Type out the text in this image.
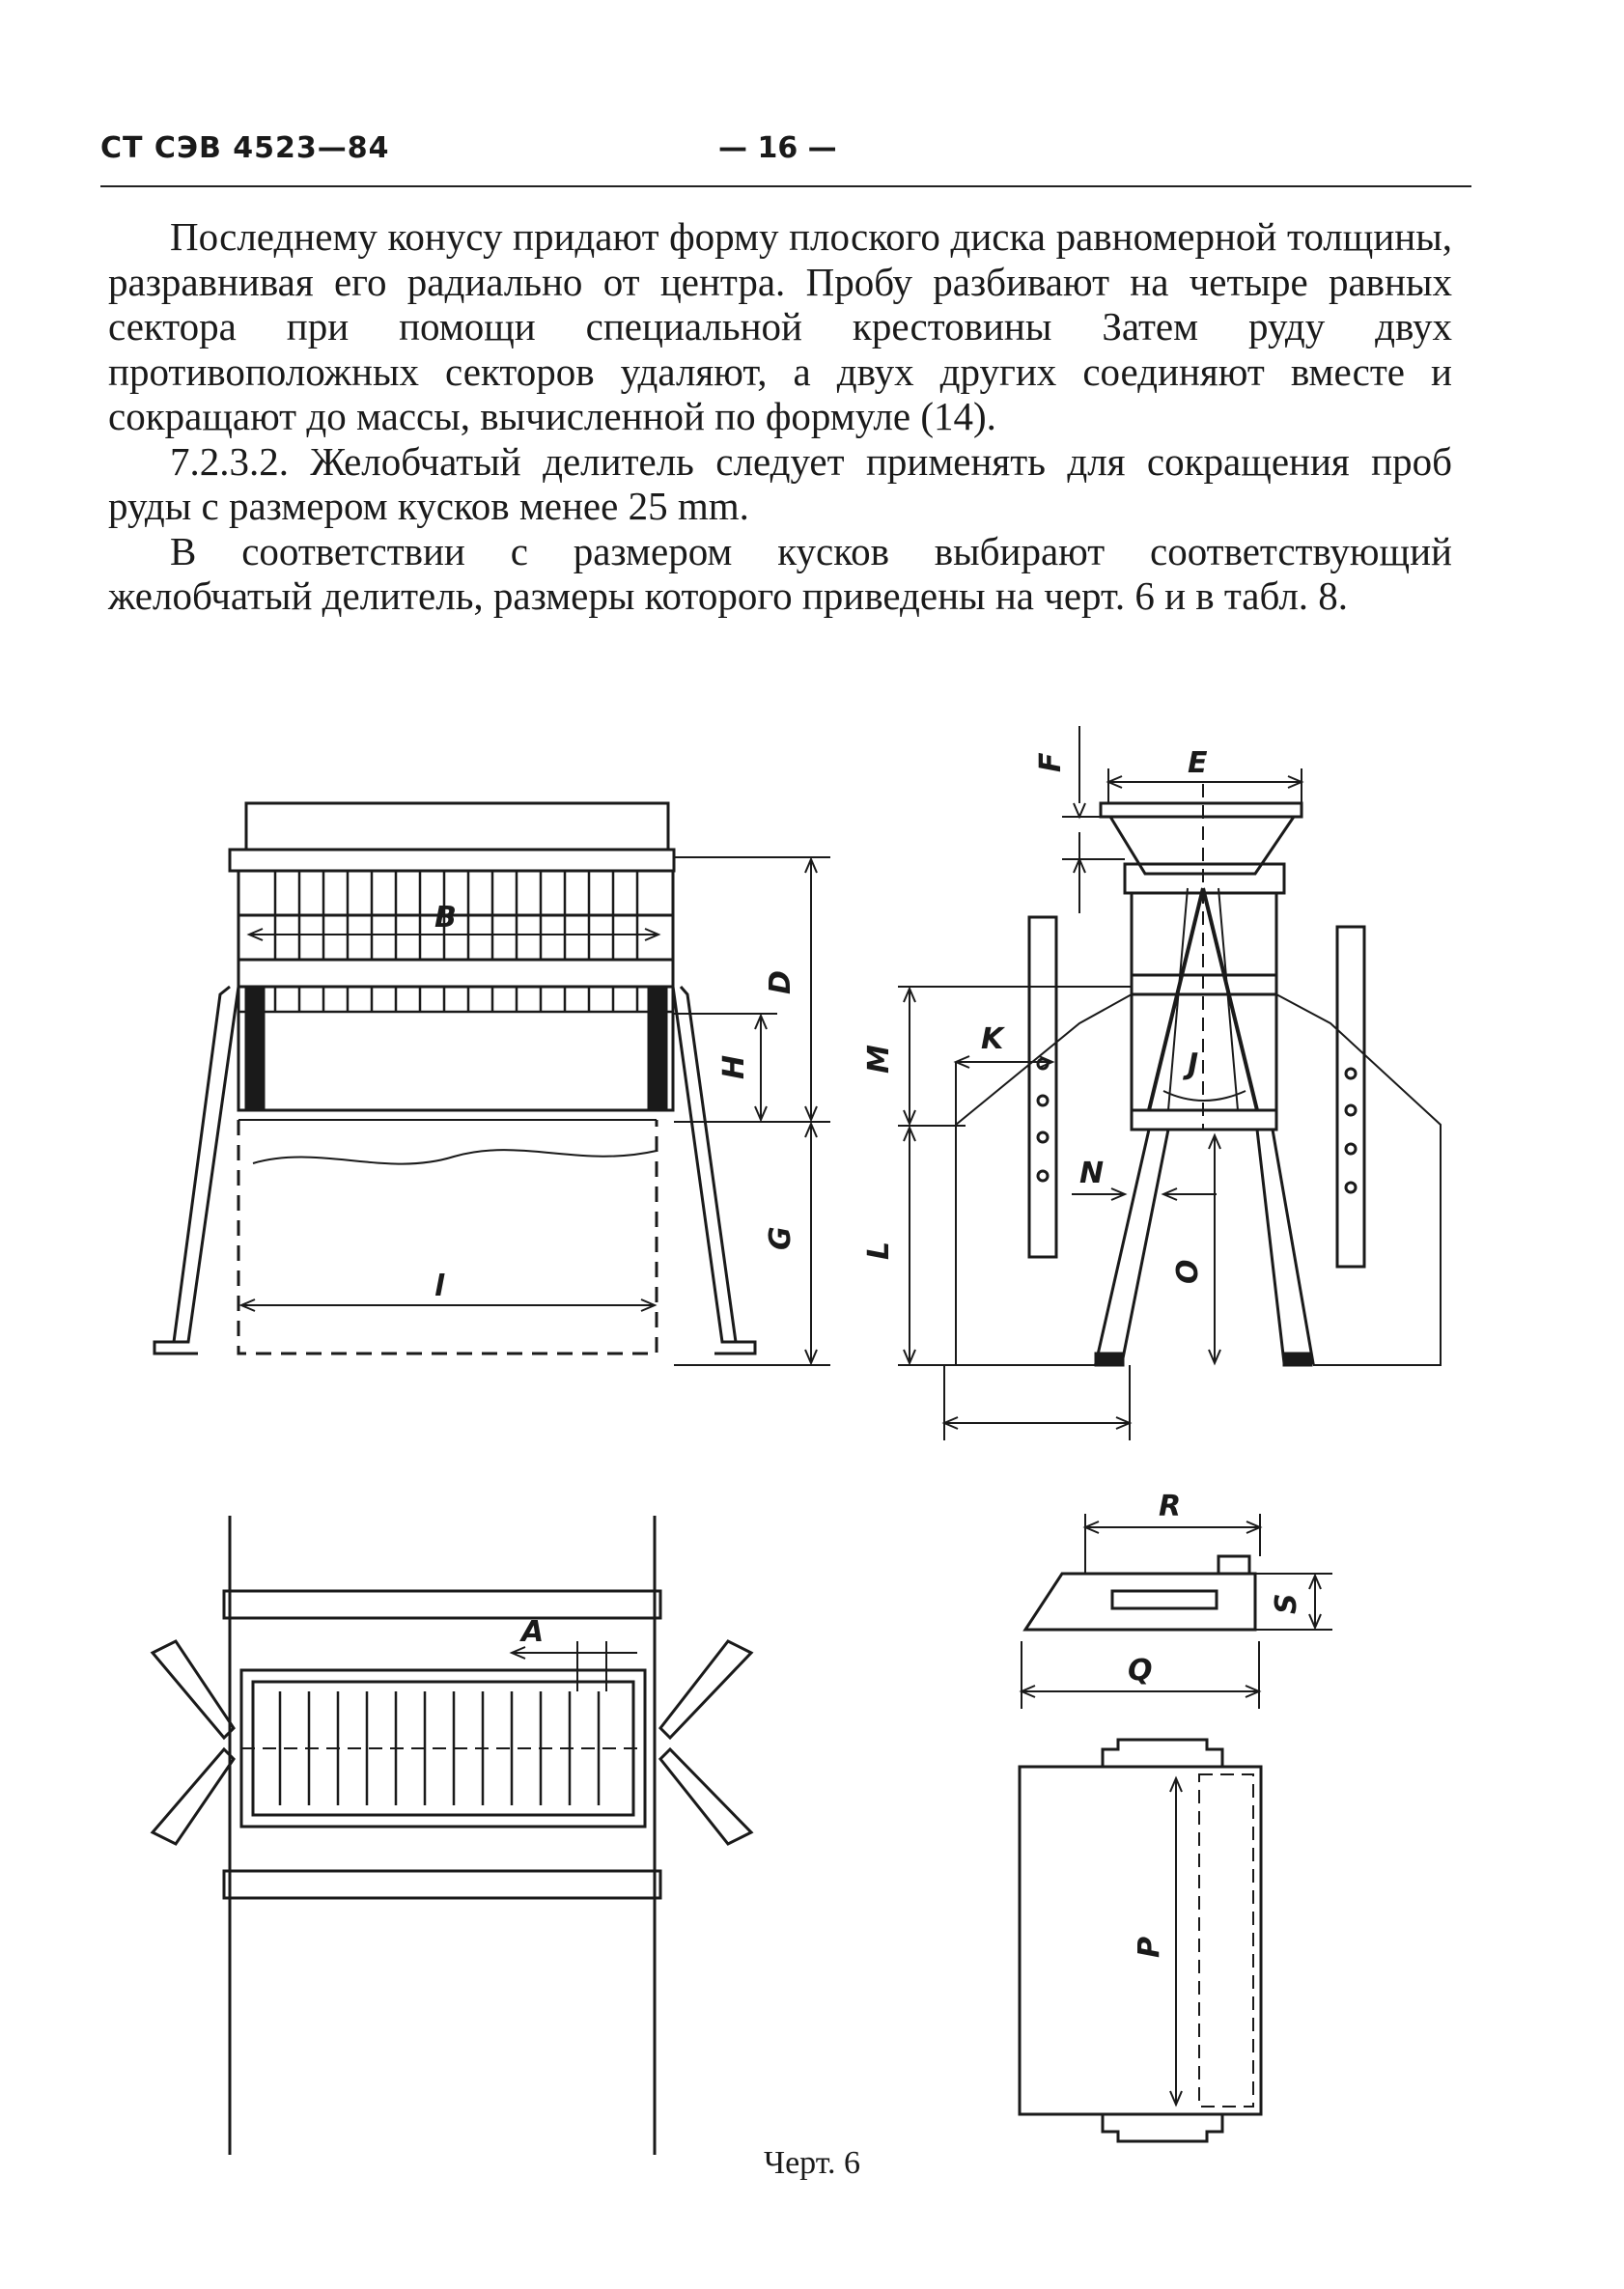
СТ СЭВ 4523—84	— 16 —

Последнему конусу придают форму плоского диска равномерной толщины, разравнивая его радиально от центра. Пробу разбивают на четыре равных сектора при помощи специальной крестовины Затем руду двух противоположных секторов удаляют, а двух других соединяют вместе и сокращают до массы, вычисленной по формуле (14).

7.2.3.2. Желобчатый делитель следует применять для сокращения проб руды с размером кусков менее 25 mm.

В соответствии с размером кусков выбирают соответствующий желобчатый делитель, размеры которого приведены на черт. 6 и в табл. 8.

B
D
H
G
l
E
F
M
K
J
N
L
O
A
R
S
Q
P
Черт. 6
